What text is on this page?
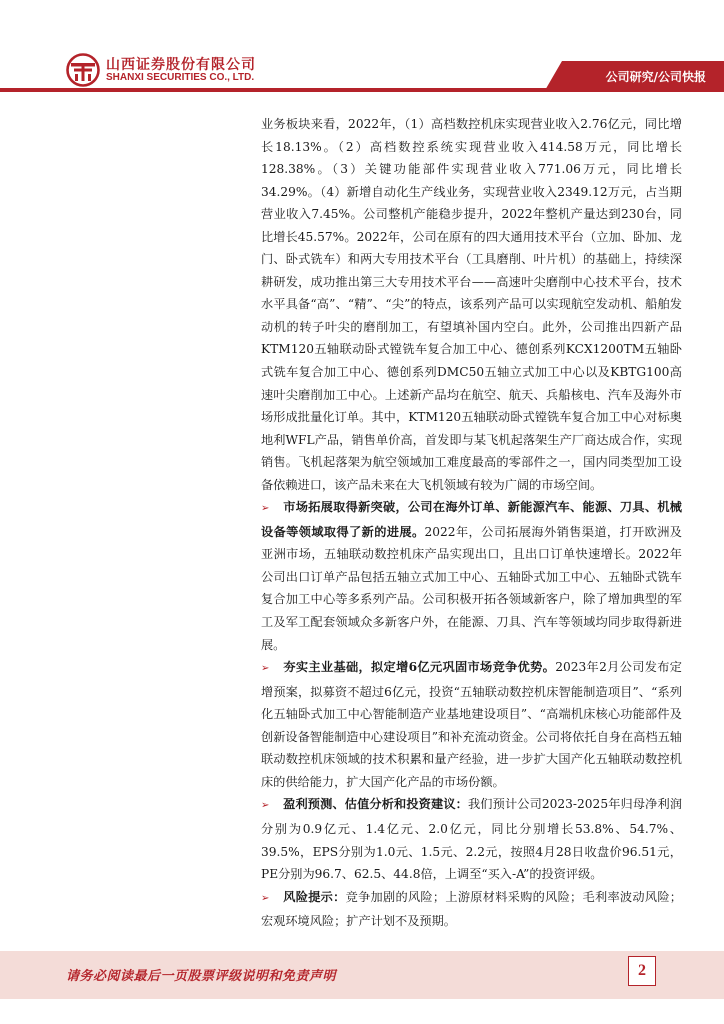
山西证券股份有限公司
SHANXI SECURITIES CO., LTD.	公司研究/公司快报

业务板块来看，2022年，（1）高档数控机床实现营业收入2.76亿元，同比增长18.13%。（2）高档数控系统实现营业收入414.58万元，同比增长128.38%。（3）关键功能部件实现营业收入771.06万元，同比增长34.29%。（4）新增自动化生产线业务，实现营业收入2349.12万元，占当期营业收入7.45%。公司整机产能稳步提升，2022年整机产量达到230台，同比增长45.57%。2022年，公司在原有的四大通用技术平台（立加、卧加、龙门、卧式铣车）和两大专用技术平台（工具磨削、叶片机）的基础上，持续深耕研发，成功推出第三大专用技术平台——高速叶尖磨削中心技术平台，技术水平具备“高”、“精”、“尖”的特点，该系列产品可以实现航空发动机、船舶发动机的转子叶尖的磨削加工，有望填补国内空白。此外，公司推出四新产品KTM120五轴联动卧式镗铣车复合加工中心、德创系列KCX1200TM五轴卧式铣车复合加工中心、德创系列DMC50五轴立式加工中心以及KBTG100高速叶尖磨削加工中心。上述新产品均在航空、航天、兵船核电、汽车及海外市场形成批量化订单。其中，KTM120五轴联动卧式镗铣车复合加工中心对标奥地利WFL产品，销售单价高，首发即与某飞机起落架生产厂商达成合作，实现销售。飞机起落架为航空领域加工难度最高的零部件之一，国内同类型加工设备依赖进口，该产品未来在大飞机领域有较为广阔的市场空间。

➢ 市场拓展取得新突破，公司在海外订单、新能源汽车、能源、刀具、机械设备等领域取得了新的进展。2022年，公司拓展海外销售渠道，打开欧洲及亚洲市场，五轴联动数控机床产品实现出口，且出口订单快速增长。2022年公司出口订单产品包括五轴立式加工中心、五轴卧式加工中心、五轴卧式铣车复合加工中心等多系列产品。公司积极开拓各领域新客户，除了增加典型的军工及军工配套领域众多新客户外，在能源、刀具、汽车等领域均同步取得新进展。

➢ 夯实主业基础，拟定增6亿元巩固市场竞争优势。2023年2月公司发布定增预案，拟募资不超过6亿元，投资“五轴联动数控机床智能制造项目”、“系列化五轴卧式加工中心智能制造产业基地建设项目”、“高端机床核心功能部件及创新设备智能制造中心建设项目”和补充流动资金。公司将依托自身在高档五轴联动数控机床领域的技术积累和量产经验，进一步扩大国产化五轴联动数控机床的供给能力，扩大国产化产品的市场份额。

➢ 盈利预测、估值分析和投资建议：我们预计公司2023-2025年归母净利润分别为0.9亿元、1.4亿元、2.0亿元，同比分别增长53.8%、54.7%、39.5%，EPS分别为1.0元、1.5元、2.2元，按照4月28日收盘价96.51元，PE分别为96.7、62.5、44.8倍，上调至“买入-A”的投资评级。

➢ 风险提示：竞争加剧的风险；上游原材料采购的风险；毛利率波动风险；宏观环境风险；扩产计划不及预期。

请务必阅读最后一页股票评级说明和免责声明	2
